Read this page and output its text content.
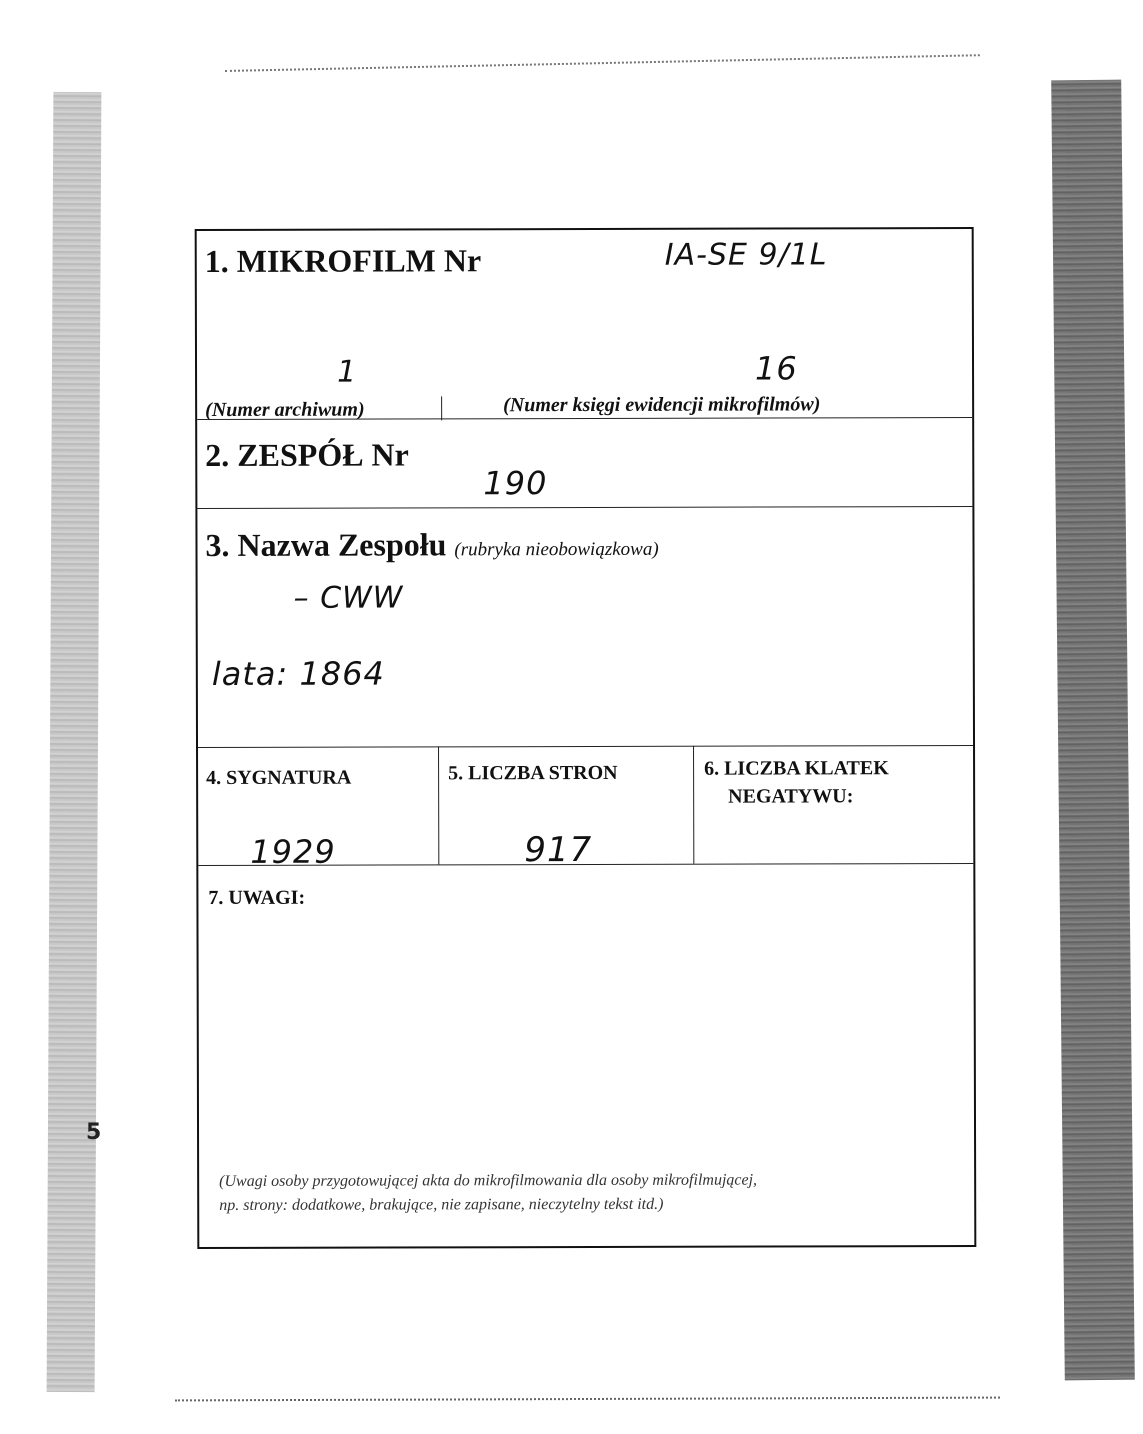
5
1. MIKROFILM Nr	IA-SE 9/1L
1	16
(Numer archiwum)	(Numer księgi ewidencji mikrofilmów)
2. ZESPÓŁ Nr
190
3. Nazwa Zespołu (rubryka nieobowiązkowa)
– CWW
lata: 1864
4. SYGNATURA
1929
5. LICZBA STRON
917
6. LICZBA KLATEK
NEGATYWU:
7. UWAGI:
(Uwagi osoby przygotowującej akta do mikrofilmowania dla osoby mikrofilmującej,
np. strony: dodatkowe, brakujące, nie zapisane, nieczytelny tekst itd.)
